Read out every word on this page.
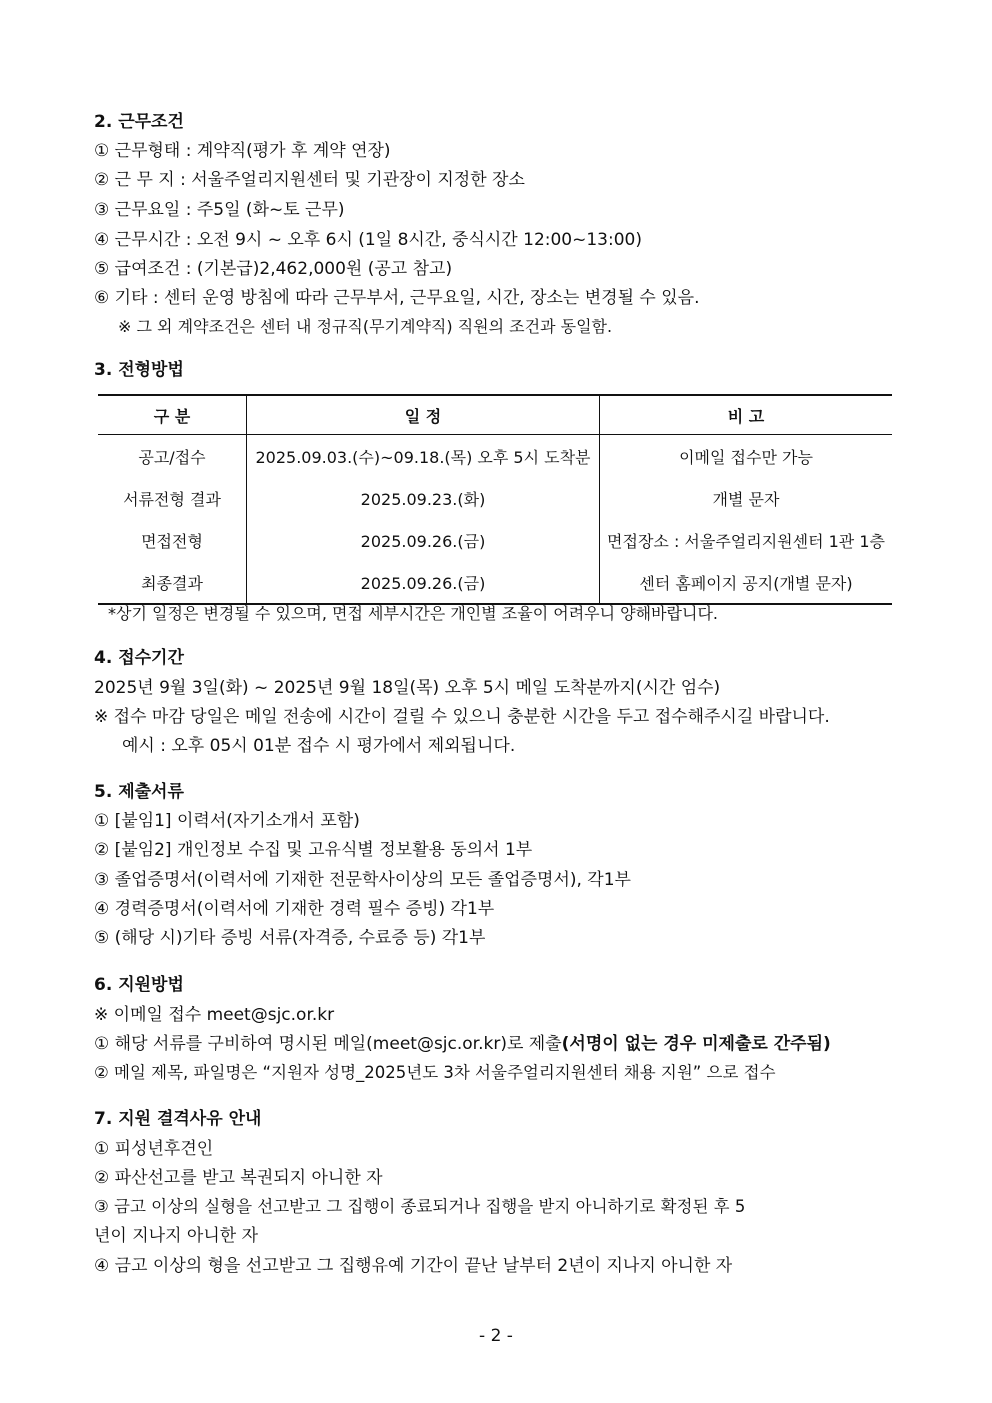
2. 근무조건
① 근무형태 : 계약직(평가 후 계약 연장)
② 근 무 지 : 서울주얼리지원센터 및 기관장이 지정한 장소
③ 근무요일 : 주5일 (화~토 근무)
④ 근무시간 : 오전 9시 ~ 오후 6시 (1일 8시간, 중식시간 12:00~13:00)
⑤ 급여조건 : (기본급)2,462,000원 (공고 참고)
⑥ 기타 : 센터 운영 방침에 따라 근무부서, 근무요일, 시간, 장소는 변경될 수 있음.
※ 그 외 계약조건은 센터 내 정규직(무기계약직) 직원의 조건과 동일함.
3. 전형방법
구 분	일 정	비 고
공고/접수	2025.09.03.(수)~09.18.(목) 오후 5시 도착분	이메일 접수만 가능
서류전형 결과	2025.09.23.(화)	개별 문자
면접전형	2025.09.26.(금)	면접장소 : 서울주얼리지원센터 1관 1층
최종결과	2025.09.26.(금)	센터 홈페이지 공지(개별 문자)
*상기 일정은 변경될 수 있으며, 면접 세부시간은 개인별 조율이 어려우니 양해바랍니다.
4. 접수기간
2025년 9월 3일(화) ~ 2025년 9월 18일(목) 오후 5시 메일 도착분까지(시간 엄수)
※ 접수 마감 당일은 메일 전송에 시간이 걸릴 수 있으니 충분한 시간을 두고 접수해주시길 바랍니다.
예시 : 오후 05시 01분 접수 시 평가에서 제외됩니다.
5. 제출서류
① [붙임1] 이력서(자기소개서 포함)
② [붙임2] 개인정보 수집 및 고유식별 정보활용 동의서 1부
③ 졸업증명서(이력서에 기재한 전문학사이상의 모든 졸업증명서), 각1부
④ 경력증명서(이력서에 기재한 경력 필수 증빙) 각1부
⑤ (해당 시)기타 증빙 서류(자격증, 수료증 등) 각1부
6. 지원방법
※ 이메일 접수 meet@sjc.or.kr
① 해당 서류를 구비하여 명시된 메일(meet@sjc.or.kr)로 제출(서명이 없는 경우 미제출로 간주됨)
② 메일 제목, 파일명은 “지원자 성명_2025년도 3차 서울주얼리지원센터 채용 지원” 으로 접수
7. 지원 결격사유 안내
① 피성년후견인
② 파산선고를 받고 복권되지 아니한 자
③ 금고 이상의 실형을 선고받고 그 집행이 종료되거나 집행을 받지 아니하기로 확정된 후 5
년이 지나지 아니한 자
④ 금고 이상의 형을 선고받고 그 집행유예 기간이 끝난 날부터 2년이 지나지 아니한 자
- 2 -
